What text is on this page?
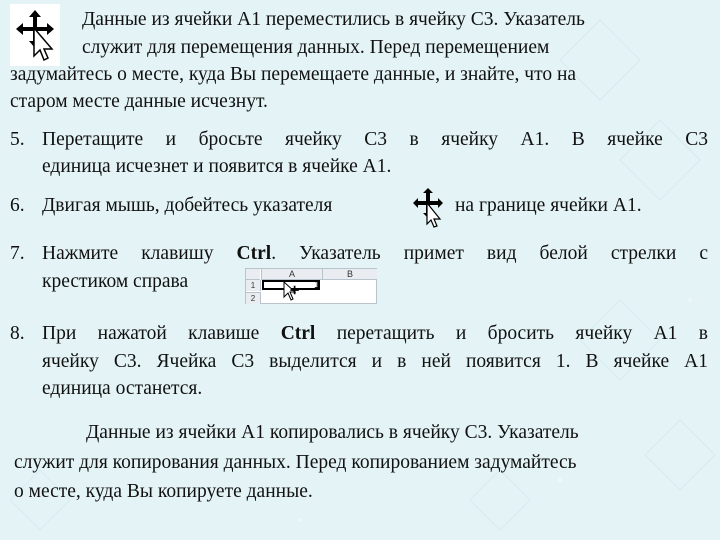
Данные из ячейки А1 переместились в ячейку С3. Указатель

служит для перемещения данных. Перед перемещением

задумайтесь о месте, куда Вы перемещаете данные, и знайте, что на

старом месте данные исчезнут.

5. Перетащите и бросьте ячейку С3 в ячейку А1. В ячейке С3

единица исчезнет и появится в ячейке А1.

6. Двигая мышь, добейтесь указателя	на границе ячейки А1.

7. Нажмите клавишу Ctrl. Указатель примет вид белой стрелки с

крестиком справа	A	B
1
2
1
8. При нажатой клавише Ctrl перетащить и бросить ячейку А1 в

ячейку С3. Ячейка С3 выделится и в ней появится 1. В ячейке А1

единица останется.

Данные из ячейки А1 копировались в ячейку С3. Указатель

служит для копирования данных. Перед копированием задумайтесь

о месте, куда Вы копируете данные.
